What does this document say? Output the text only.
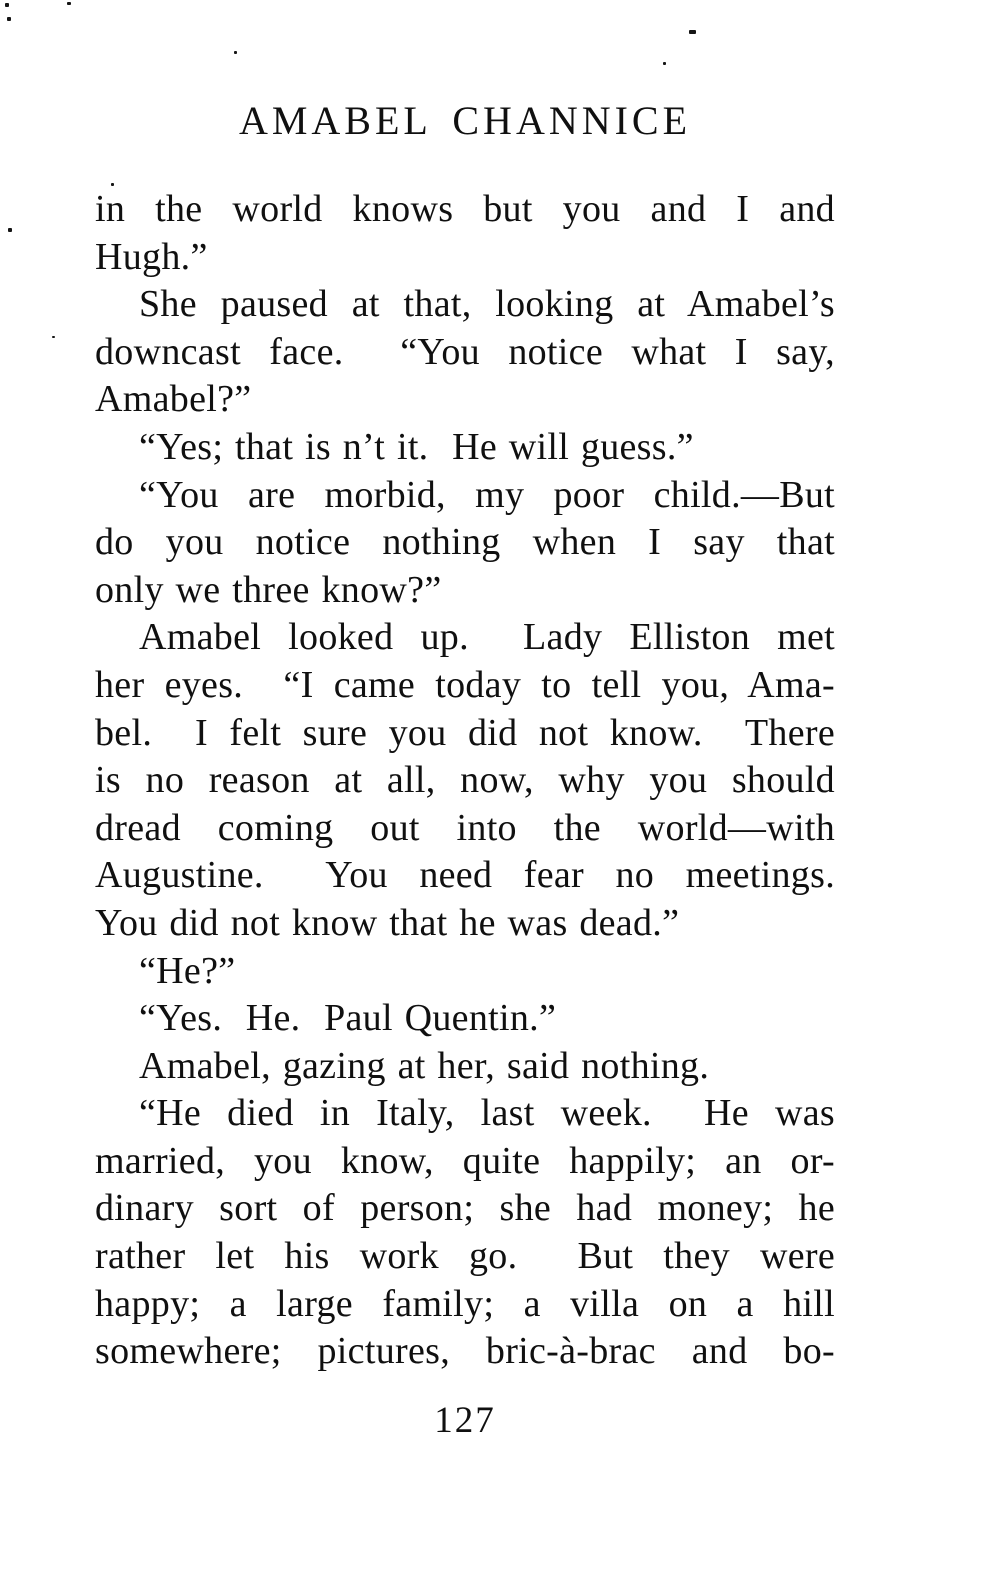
AMABEL CHANNICE
in the world knows but you and I and
Hugh.”
She paused at that, looking at Amabel’s
downcast face.  “You notice what I say,
Amabel?”
“Yes; that is n’t it.  He will guess.”
“You are morbid, my poor child.—But
do you notice nothing when I say that
only we three know?”
Amabel looked up.  Lady Elliston met
her eyes.  “I came today to tell you, Ama-
bel.  I felt sure you did not know.  There
is no reason at all, now, why you should
dread coming out into the world—with
Augustine.  You need fear no meetings.
You did not know that he was dead.”
“He?”
“Yes.  He.  Paul Quentin.”
Amabel, gazing at her, said nothing.
“He died in Italy, last week.  He was
married, you know, quite happily; an or-
dinary sort of person; she had money; he
rather let his work go.  But they were
happy; a large family; a villa on a hill
somewhere; pictures, bric-à-brac and bo-
127
